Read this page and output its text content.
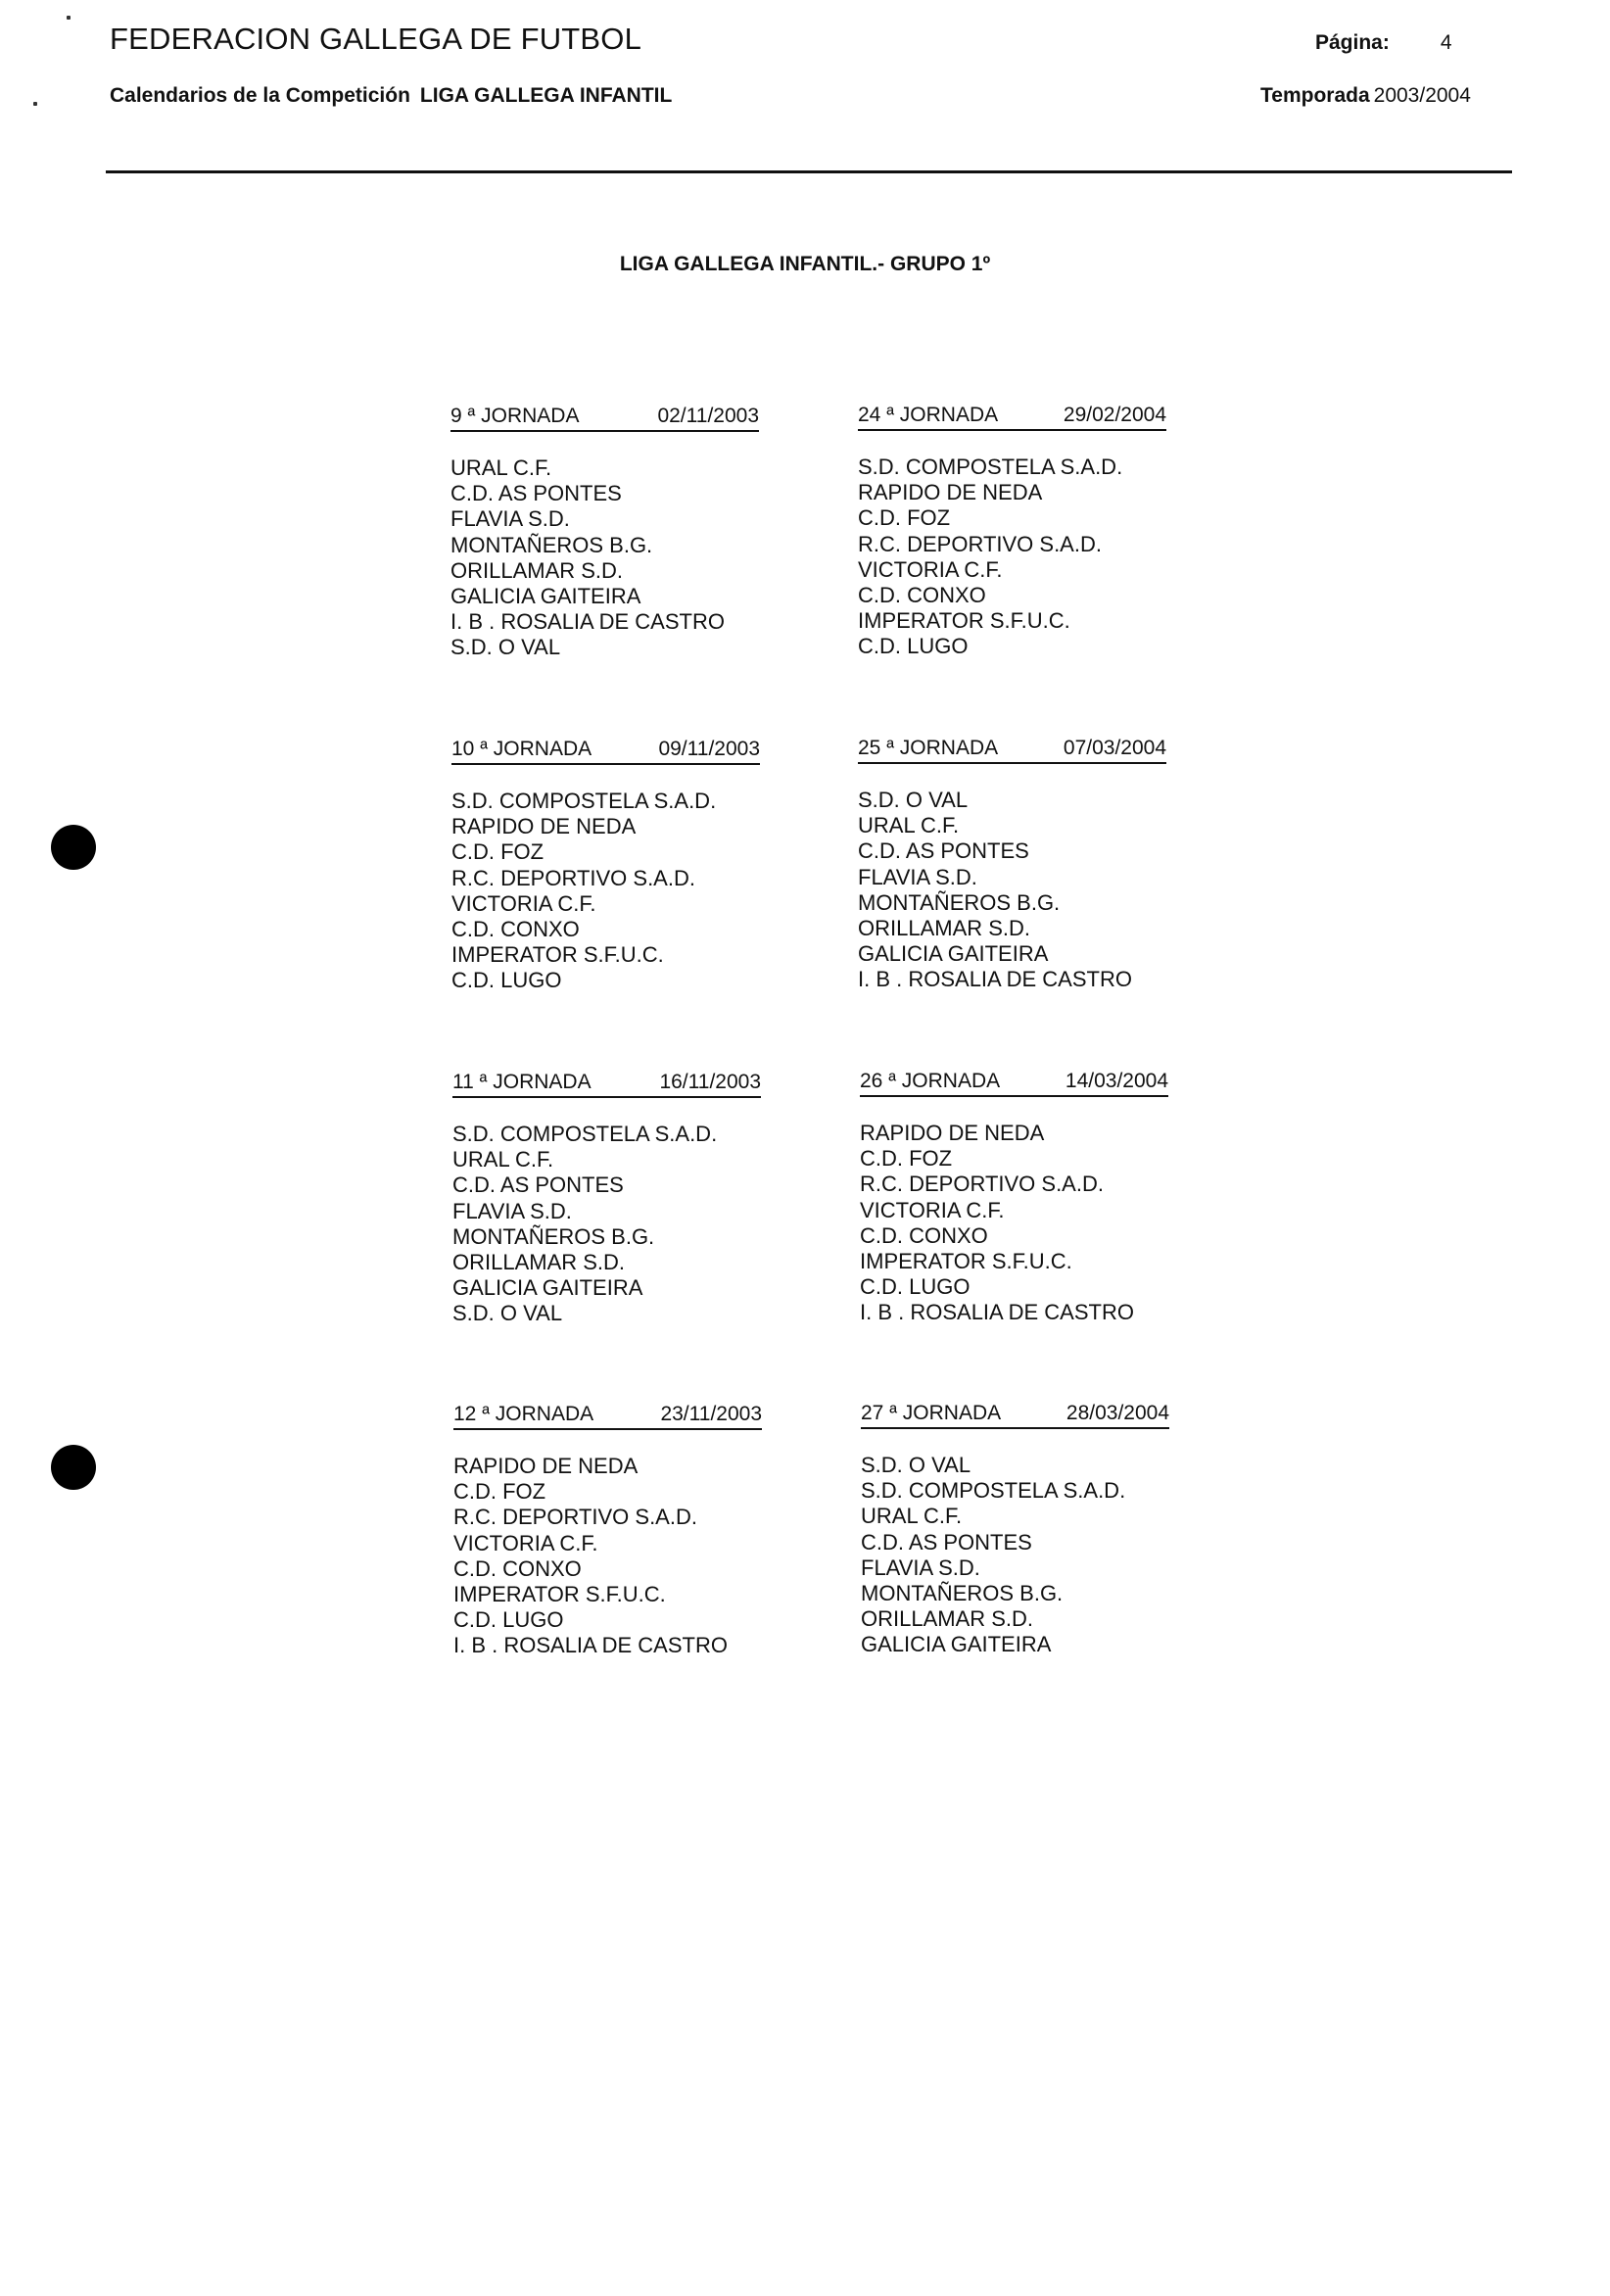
FEDERACION GALLEGA DE FUTBOL
Calendarios de la Competición LIGA GALLEGA INFANTIL
Página: 4
Temporada 2003/2004
LIGA GALLEGA INFANTIL.- GRUPO 1º
9 ª JORNADA	02/11/2003
URAL C.F.
C.D. AS PONTES
FLAVIA S.D.
MONTAÑEROS B.G.
ORILLAMAR S.D.
GALICIA GAITEIRA
I. B . ROSALIA DE CASTRO
S.D. O VAL
24 ª JORNADA	29/02/2004
S.D. COMPOSTELA S.A.D.
RAPIDO DE NEDA
C.D. FOZ
R.C. DEPORTIVO S.A.D.
VICTORIA C.F.
C.D. CONXO
IMPERATOR S.F.U.C.
C.D. LUGO
10 ª JORNADA	09/11/2003
S.D. COMPOSTELA S.A.D.
RAPIDO DE NEDA
C.D. FOZ
R.C. DEPORTIVO S.A.D.
VICTORIA C.F.
C.D. CONXO
IMPERATOR S.F.U.C.
C.D. LUGO
25 ª JORNADA	07/03/2004
S.D. O VAL
URAL C.F.
C.D. AS PONTES
FLAVIA S.D.
MONTAÑEROS B.G.
ORILLAMAR S.D.
GALICIA GAITEIRA
I. B . ROSALIA DE CASTRO
11 ª JORNADA	16/11/2003
S.D. COMPOSTELA S.A.D.
URAL C.F.
C.D. AS PONTES
FLAVIA S.D.
MONTAÑEROS B.G.
ORILLAMAR S.D.
GALICIA GAITEIRA
S.D. O VAL
26 ª JORNADA	14/03/2004
RAPIDO DE NEDA
C.D. FOZ
R.C. DEPORTIVO S.A.D.
VICTORIA C.F.
C.D. CONXO
IMPERATOR S.F.U.C.
C.D. LUGO
I. B . ROSALIA DE CASTRO
12 ª JORNADA	23/11/2003
RAPIDO DE NEDA
C.D. FOZ
R.C. DEPORTIVO S.A.D.
VICTORIA C.F.
C.D. CONXO
IMPERATOR S.F.U.C.
C.D. LUGO
I. B . ROSALIA DE CASTRO
27 ª JORNADA	28/03/2004
S.D. O VAL
S.D. COMPOSTELA S.A.D.
URAL C.F.
C.D. AS PONTES
FLAVIA S.D.
MONTAÑEROS B.G.
ORILLAMAR S.D.
GALICIA GAITEIRA
